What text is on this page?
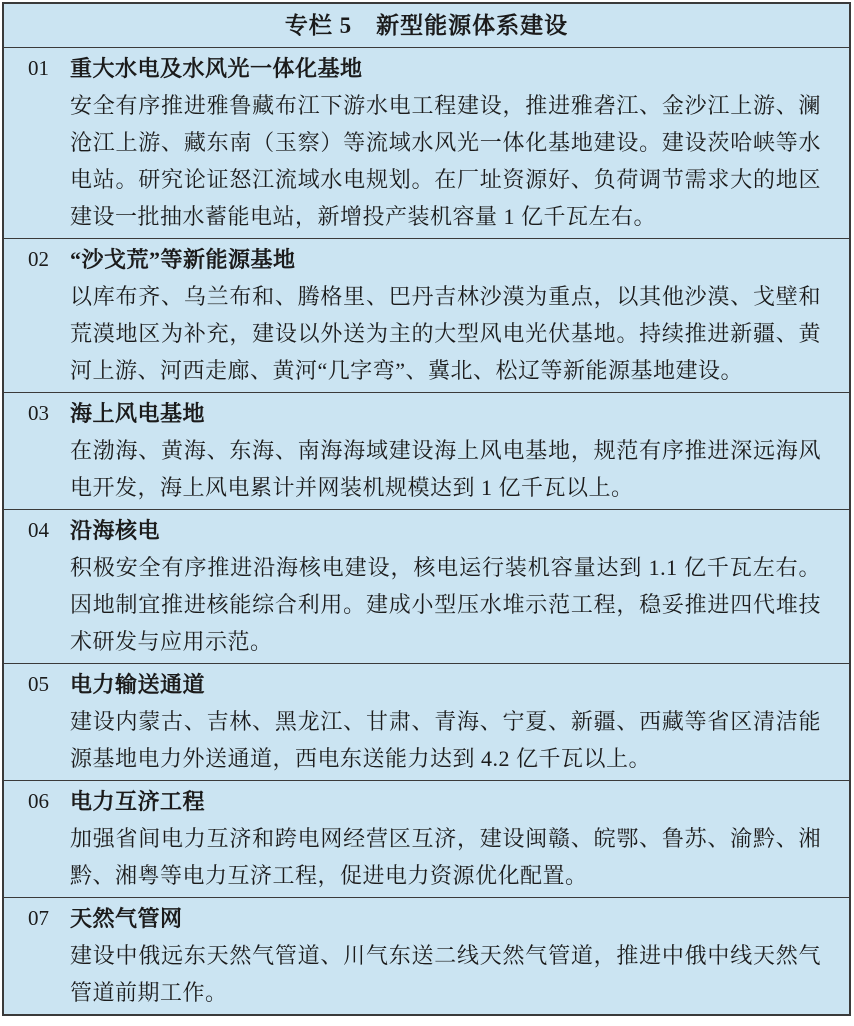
专栏 5　新型能源体系建设
01 重大水电及水风光一体化基地
安全有序推进雅鲁藏布江下游水电工程建设，推进雅砻江、金沙江上游、澜沧江上游、藏东南（玉察）等流域水风光一体化基地建设。建设茨哈峡等水电站。研究论证怒江流域水电规划。在厂址资源好、负荷调节需求大的地区建设一批抽水蓄能电站，新增投产装机容量 1 亿千瓦左右。
02 “沙戈荒”等新能源基地
以库布齐、乌兰布和、腾格里、巴丹吉林沙漠为重点，以其他沙漠、戈壁和荒漠地区为补充，建设以外送为主的大型风电光伏基地。持续推进新疆、黄河上游、河西走廊、黄河“几字弯”、冀北、松辽等新能源基地建设。
03 海上风电基地
在渤海、黄海、东海、南海海域建设海上风电基地，规范有序推进深远海风电开发，海上风电累计并网装机规模达到 1 亿千瓦以上。
04 沿海核电
积极安全有序推进沿海核电建设，核电运行装机容量达到 1.1 亿千瓦左右。因地制宜推进核能综合利用。建成小型压水堆示范工程，稳妥推进四代堆技术研发与应用示范。
05 电力输送通道
建设内蒙古、吉林、黑龙江、甘肃、青海、宁夏、新疆、西藏等省区清洁能源基地电力外送通道，西电东送能力达到 4.2 亿千瓦以上。
06 电力互济工程
加强省间电力互济和跨电网经营区互济，建设闽赣、皖鄂、鲁苏、渝黔、湘黔、湘粤等电力互济工程，促进电力资源优化配置。
07 天然气管网
建设中俄远东天然气管道、川气东送二线天然气管道，推进中俄中线天然气管道前期工作。
